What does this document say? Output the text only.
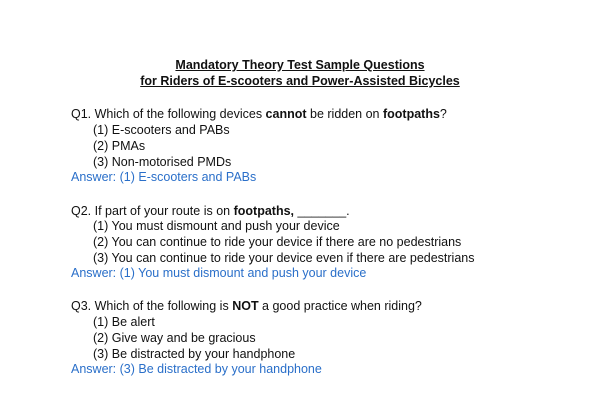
Mandatory Theory Test Sample Questions
for Riders of E-scooters and Power-Assisted Bicycles
Q1. Which of the following devices cannot be ridden on footpaths?
(1) E-scooters and PABs
(2) PMAs
(3) Non-motorised PMDs
Answer: (1) E-scooters and PABs
Q2. If part of your route is on footpaths, _______.
(1) You must dismount and push your device
(2) You can continue to ride your device if there are no pedestrians
(3) You can continue to ride your device even if there are pedestrians
Answer: (1) You must dismount and push your device
Q3. Which of the following is NOT a good practice when riding?
(1) Be alert
(2) Give way and be gracious
(3) Be distracted by your handphone
Answer: (3) Be distracted by your handphone
